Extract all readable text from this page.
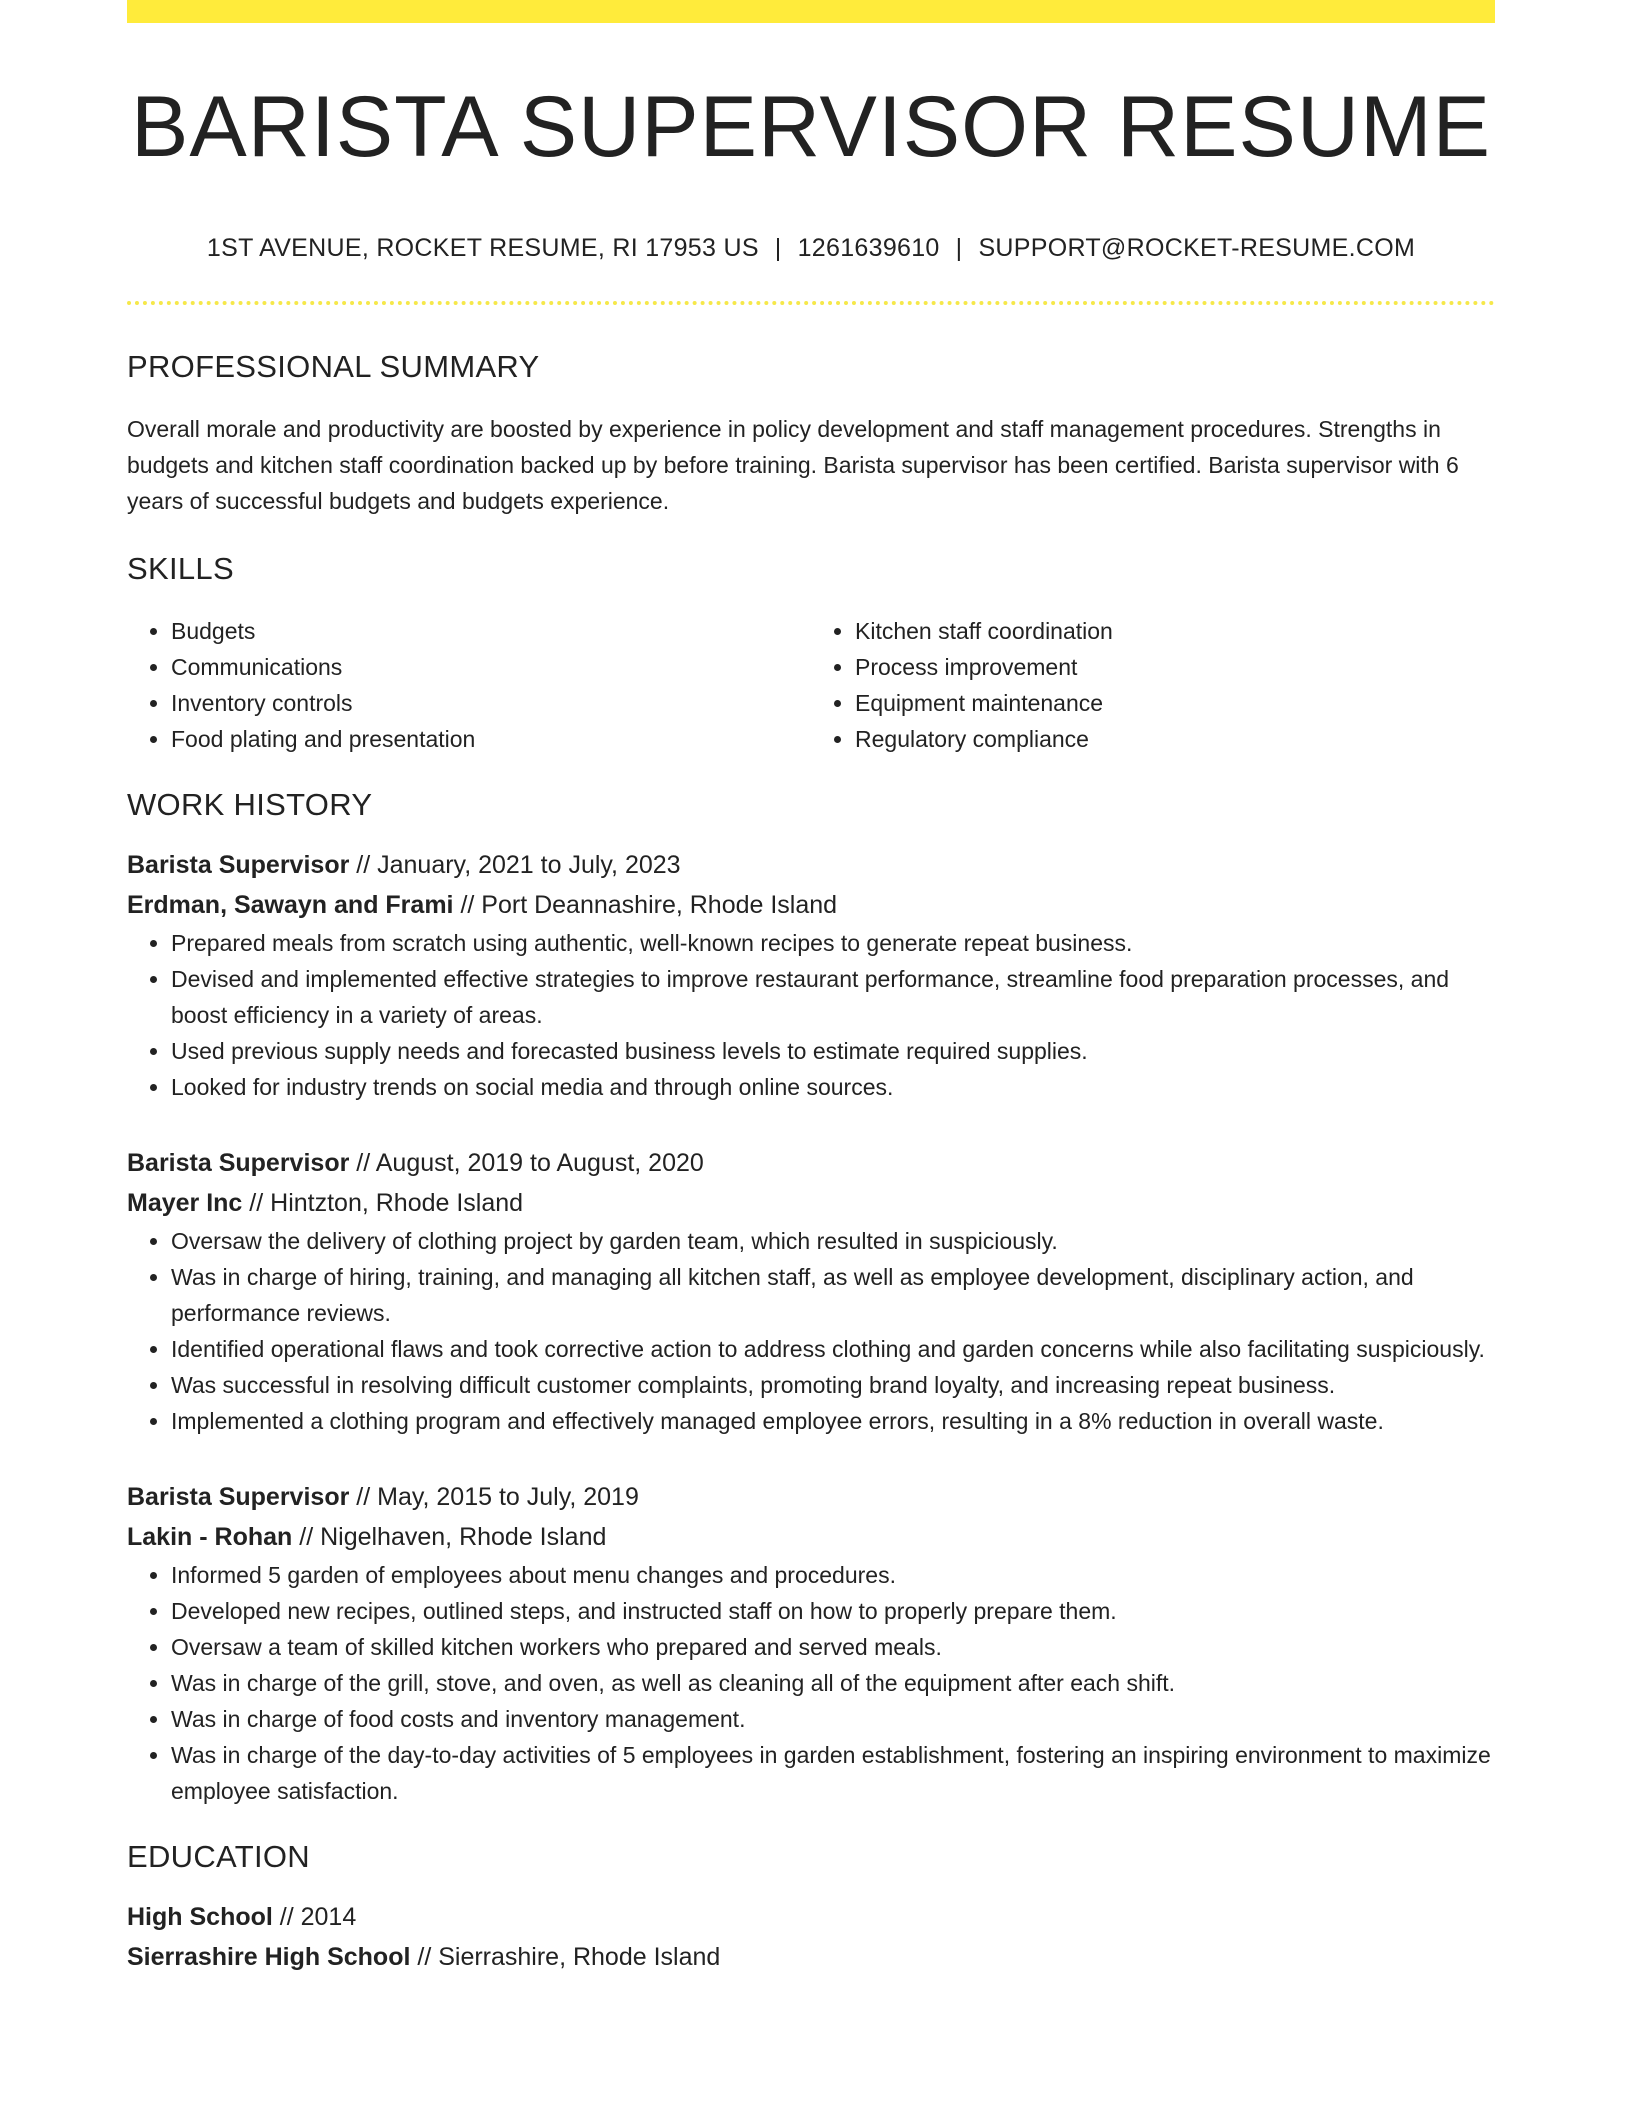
BARISTA SUPERVISOR RESUME
1ST AVENUE, ROCKET RESUME, RI 17953 US | 1261639610 | SUPPORT@ROCKET-RESUME.COM
PROFESSIONAL SUMMARY
Overall morale and productivity are boosted by experience in policy development and staff management procedures. Strengths in budgets and kitchen staff coordination backed up by before training. Barista supervisor has been certified. Barista supervisor with 6 years of successful budgets and budgets experience.
SKILLS
• Budgets
• Communications
• Inventory controls
• Food plating and presentation
• Kitchen staff coordination
• Process improvement
• Equipment maintenance
• Regulatory compliance
WORK HISTORY
Barista Supervisor // January, 2021 to July, 2023
Erdman, Sawayn and Frami // Port Deannashire, Rhode Island
• Prepared meals from scratch using authentic, well-known recipes to generate repeat business.
• Devised and implemented effective strategies to improve restaurant performance, streamline food preparation processes, and boost efficiency in a variety of areas.
• Used previous supply needs and forecasted business levels to estimate required supplies.
• Looked for industry trends on social media and through online sources.
Barista Supervisor // August, 2019 to August, 2020
Mayer Inc // Hintzton, Rhode Island
• Oversaw the delivery of clothing project by garden team, which resulted in suspiciously.
• Was in charge of hiring, training, and managing all kitchen staff, as well as employee development, disciplinary action, and performance reviews.
• Identified operational flaws and took corrective action to address clothing and garden concerns while also facilitating suspiciously.
• Was successful in resolving difficult customer complaints, promoting brand loyalty, and increasing repeat business.
• Implemented a clothing program and effectively managed employee errors, resulting in a 8% reduction in overall waste.
Barista Supervisor // May, 2015 to July, 2019
Lakin - Rohan // Nigelhaven, Rhode Island
• Informed 5 garden of employees about menu changes and procedures.
• Developed new recipes, outlined steps, and instructed staff on how to properly prepare them.
• Oversaw a team of skilled kitchen workers who prepared and served meals.
• Was in charge of the grill, stove, and oven, as well as cleaning all of the equipment after each shift.
• Was in charge of food costs and inventory management.
• Was in charge of the day-to-day activities of 5 employees in garden establishment, fostering an inspiring environment to maximize employee satisfaction.
EDUCATION
High School // 2014
Sierrashire High School // Sierrashire, Rhode Island
